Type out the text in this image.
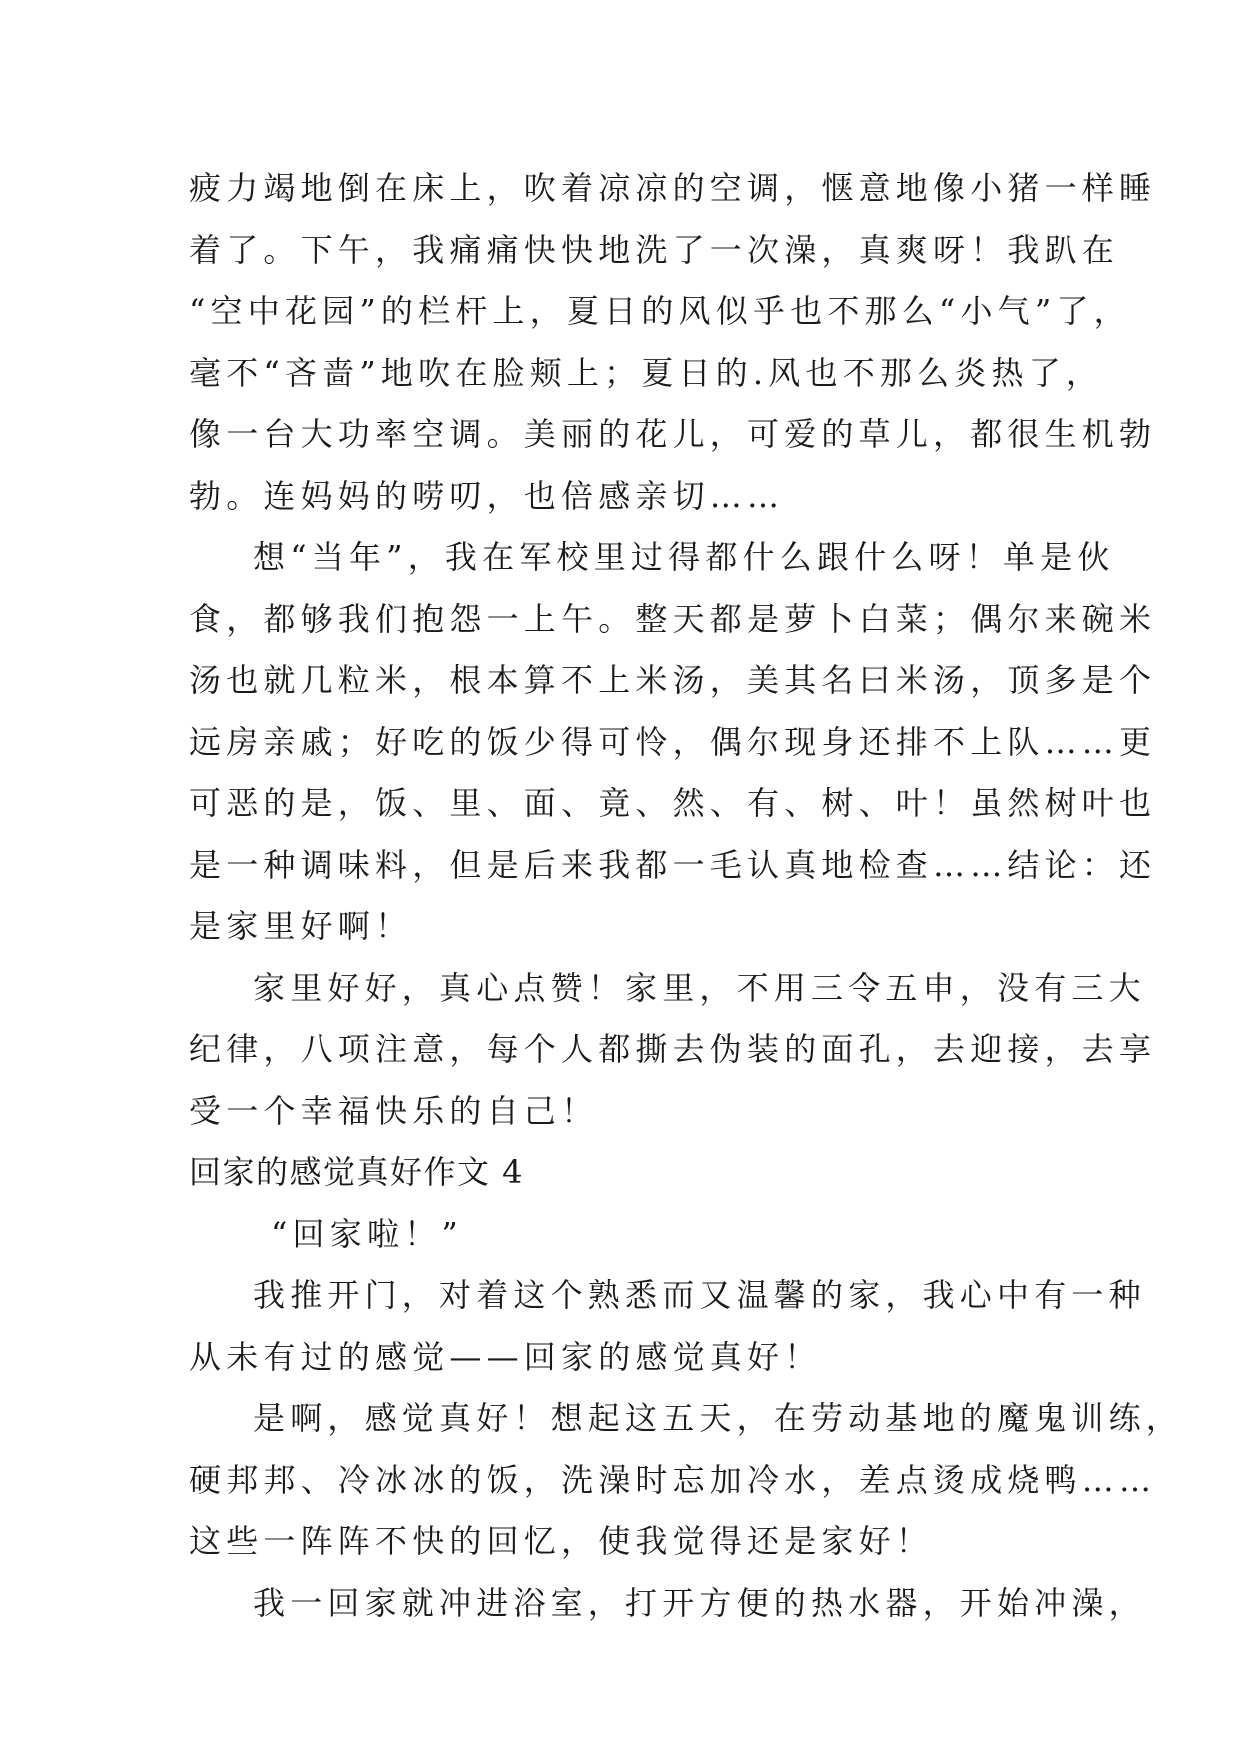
疲力竭地倒在床上，吹着凉凉的空调，惬意地像小猪一样睡
着了。下午，我痛痛快快地洗了一次澡，真爽呀！我趴在
“空中花园”的栏杆上，夏日的风似乎也不那么“小气”了，
毫不“吝啬”地吹在脸颊上；夏日的.风也不那么炎热了，
像一台大功率空调。美丽的花儿，可爱的草儿，都很生机勃
勃。连妈妈的唠叨，也倍感亲切……
想“当年”，我在军校里过得都什么跟什么呀！单是伙
食，都够我们抱怨一上午。整天都是萝卜白菜；偶尔来碗米
汤也就几粒米，根本算不上米汤，美其名曰米汤，顶多是个
远房亲戚；好吃的饭少得可怜，偶尔现身还排不上队……更
可恶的是，饭、里、面、竟、然、有、树、叶！虽然树叶也
是一种调味料，但是后来我都一毛认真地检查……结论：还
是家里好啊！
家里好好，真心点赞！家里，不用三令五申，没有三大
纪律，八项注意，每个人都撕去伪装的面孔，去迎接，去享
受一个幸福快乐的自己！
回家的感觉真好作文 4
“回家啦！”
我推开门，对着这个熟悉而又温馨的家，我心中有一种
从未有过的感觉——回家的感觉真好！
是啊，感觉真好！想起这五天，在劳动基地的魔鬼训练，
硬邦邦、冷冰冰的饭，洗澡时忘加冷水，差点烫成烧鸭……
这些一阵阵不快的回忆，使我觉得还是家好！
我一回家就冲进浴室，打开方便的热水器，开始冲澡，
